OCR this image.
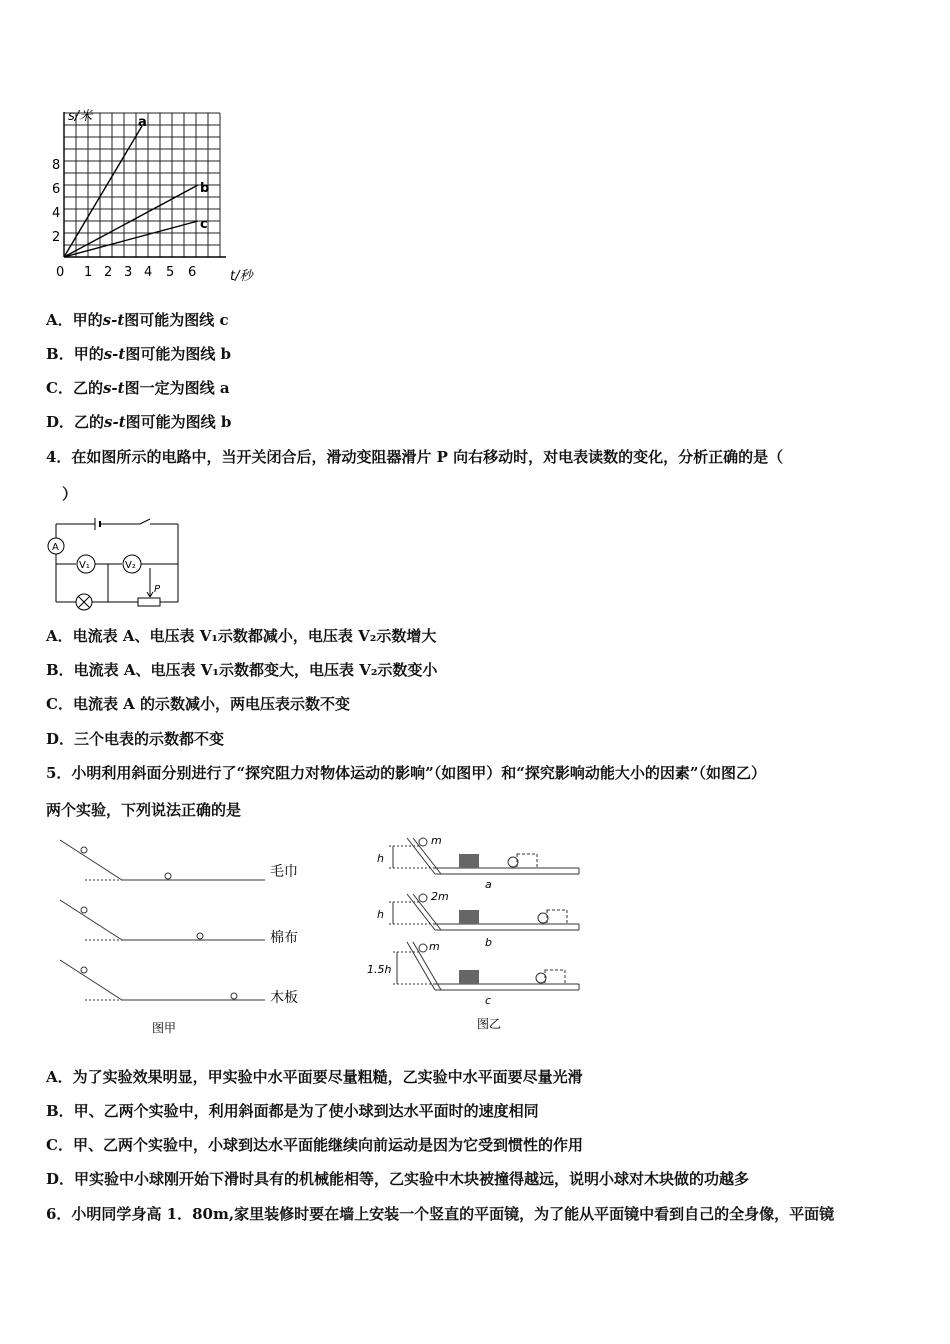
s/米
t/秒
0
2
4
6
8
1 2 3 4 5 6
a
b
c
A．甲的s-t图可能为图线 c
B．甲的s-t图可能为图线 b
C．乙的s-t图一定为图线 a
D．乙的s-t图可能为图线 b
4．在如图所示的电路中，当开关闭合后，滑动变阻器滑片 P 向右移动时，对电表读数的变化，分析正确的是（
）
A
V₁	V₂
P
A．电流表 A、电压表 V₁示数都减小，电压表 V₂示数增大
B．电流表 A、电压表 V₁示数都变大，电压表 V₂示数变小
C．电流表 A 的示数减小，两电压表示数不变
D．三个电表的示数都不变
5．小明利用斜面分别进行了“探究阻力对物体运动的影响”（如图甲）和“探究影响动能大小的因素”（如图乙）
两个实验，下列说法正确的是
毛巾
棉布
木板
图甲
m
2m
m
h
h
1.5h
a
b
c
图乙
A．为了实验效果明显，甲实验中水平面要尽量粗糙，乙实验中水平面要尽量光滑
B．甲、乙两个实验中，利用斜面都是为了使小球到达水平面时的速度相同
C．甲、乙两个实验中，小球到达水平面能继续向前运动是因为它受到惯性的作用
D．甲实验中小球刚开始下滑时具有的机械能相等，乙实验中木块被撞得越远，说明小球对木块做的功越多
6．小明同学身高 1．80m,家里装修时要在墙上安装一个竖直的平面镜，为了能从平面镜中看到自己的全身像，平面镜
